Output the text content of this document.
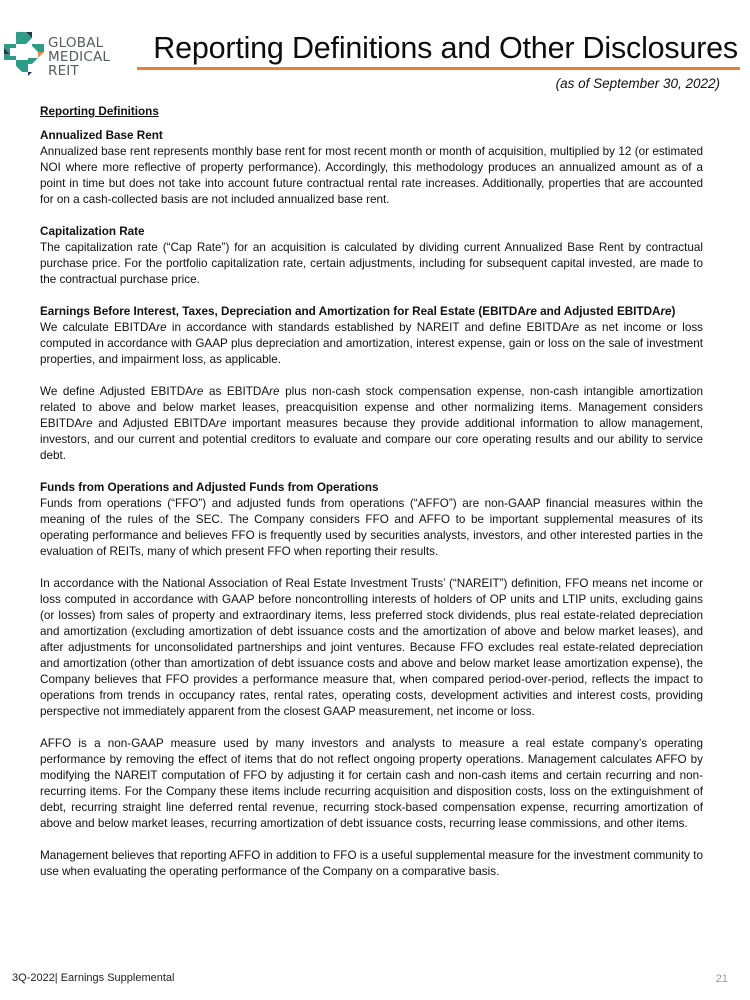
GLOBAL
MEDICAL REIT
Reporting Definitions and Other Disclosures
(as of September 30, 2022)

Reporting Definitions

Annualized Base Rent

Annualized base rent represents monthly base rent for most recent month or month of acquisition, multiplied by 12 (or estimated NOI where more reflective of property performance). Accordingly, this methodology produces an annualized amount as of a point in time but does not take into account future contractual rental rate increases. Additionally, properties that are accounted for on a cash-collected basis are not included annualized base rent.

Capitalization Rate

The capitalization rate (“Cap Rate”) for an acquisition is calculated by dividing current Annualized Base Rent by contractual purchase price. For the portfolio capitalization rate, certain adjustments, including for subsequent capital invested, are made to the contractual purchase price.

Earnings Before Interest, Taxes, Depreciation and Amortization for Real Estate (EBITDAre and Adjusted EBITDAre)

We calculate EBITDAre in accordance with standards established by NAREIT and define EBITDAre as net income or loss computed in accordance with GAAP plus depreciation and amortization, interest expense, gain or loss on the sale of investment properties, and impairment loss, as applicable.

We define Adjusted EBITDAre as EBITDAre plus non-cash stock compensation expense, non-cash intangible amortization related to above and below market leases, preacquisition expense and other normalizing items. Management considers EBITDAre and Adjusted EBITDAre important measures because they provide additional information to allow management, investors, and our current and potential creditors to evaluate and compare our core operating results and our ability to service debt.

Funds from Operations and Adjusted Funds from Operations

Funds from operations (“FFO”) and adjusted funds from operations (“AFFO”) are non-GAAP financial measures within the meaning of the rules of the SEC. The Company considers FFO and AFFO to be important supplemental measures of its operating performance and believes FFO is frequently used by securities analysts, investors, and other interested parties in the evaluation of REITs, many of which present FFO when reporting their results.

In accordance with the National Association of Real Estate Investment Trusts’ (“NAREIT”) definition, FFO means net income or loss computed in accordance with GAAP before noncontrolling interests of holders of OP units and LTIP units, excluding gains (or losses) from sales of property and extraordinary items, less preferred stock dividends, plus real estate-related depreciation and amortization (excluding amortization of debt issuance costs and the amortization of above and below market leases), and after adjustments for unconsolidated partnerships and joint ventures. Because FFO excludes real estate-related depreciation and amortization (other than amortization of debt issuance costs and above and below market lease amortization expense), the Company believes that FFO provides a performance measure that, when compared period-over-period, reflects the impact to operations from trends in occupancy rates, rental rates, operating costs, development activities and interest costs, providing perspective not immediately apparent from the closest GAAP measurement, net income or loss.

AFFO is a non-GAAP measure used by many investors and analysts to measure a real estate company’s operating performance by removing the effect of items that do not reflect ongoing property operations. Management calculates AFFO by modifying the NAREIT computation of FFO by adjusting it for certain cash and non-cash items and certain recurring and non-recurring items. For the Company these items include recurring acquisition and disposition costs, loss on the extinguishment of debt, recurring straight line deferred rental revenue, recurring stock-based compensation expense, recurring amortization of above and below market leases, recurring amortization of debt issuance costs, recurring lease commissions, and other items.

Management believes that reporting AFFO in addition to FFO is a useful supplemental measure for the investment community to use when evaluating the operating performance of the Company on a comparative basis.

3Q-2022| Earnings Supplemental	21
